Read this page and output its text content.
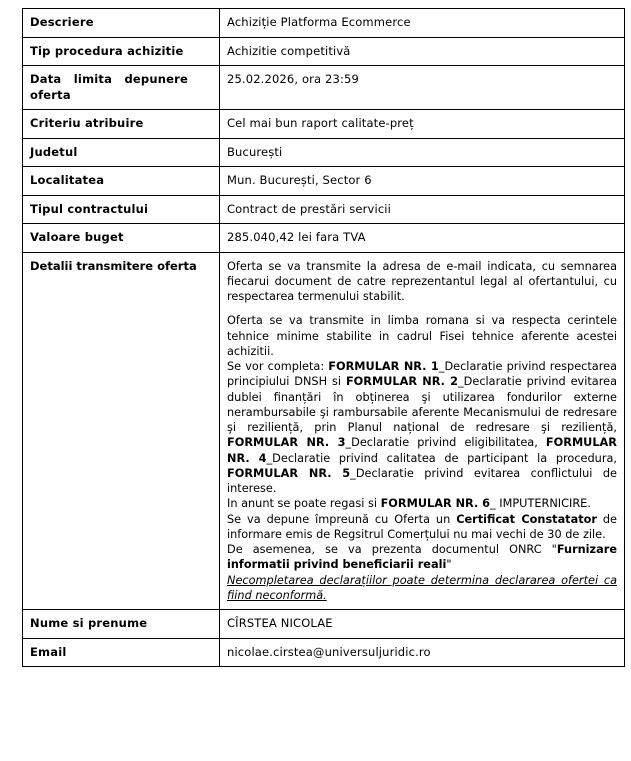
Descriere	Achiziție Platforma Ecommerce
Tip procedura achizitie	Achizitie competitivă

Data limita depunere oferta	25.02.2026, ora 23:59
Criteriu atribuire	Cel mai bun raport calitate-preț
Judetul	București
Localitatea	Mun. București, Sector 6
Tipul contractului	Contract de prestări servicii
Valoare buget	285.040,42 lei fara TVA
Detalii transmitere oferta	Oferta se va transmite la adresa de e-mail indicata, cu semnarea fiecarui document de catre reprezentantul legal al ofertantului, cu respectarea termenului stabilit.

Oferta se va transmite in limba romana si va respecta cerintele tehnice minime stabilite in cadrul Fisei tehnice aferente acestei achizitii.

Se vor completa: FORMULAR NR. 1_Declaratie privind respectarea principiului DNSH si FORMULAR NR. 2_Declaratie privind evitarea dublei finanțări în obținerea şi utilizarea fondurilor externe nerambursabile şi rambursabile aferente Mecanismului de redresare şi reziliență, prin Planul național de redresare şi reziliență, FORMULAR NR. 3_Declaratie privind eligibilitatea, FORMULAR NR. 4_Declaratie privind calitatea de participant la procedura, FORMULAR NR. 5_Declaratie privind evitarea conflictului de interese.

In anunt se poate regasi si FORMULAR NR. 6_ IMPUTERNICIRE.

Se va depune împreună cu Oferta un Certificat Constatator de informare emis de Regsitrul Comerțului nu mai vechi de 30 de zile.

De asemenea, se va prezenta documentul ONRC "Furnizare informatii privind beneficiarii reali"

Necompletarea declarațiilor poate determina declararea ofertei ca fiind neconformă.

Nume si prenume	CÎRSTEA NICOLAE
Email	nicolae.cirstea@universuljuridic.ro
